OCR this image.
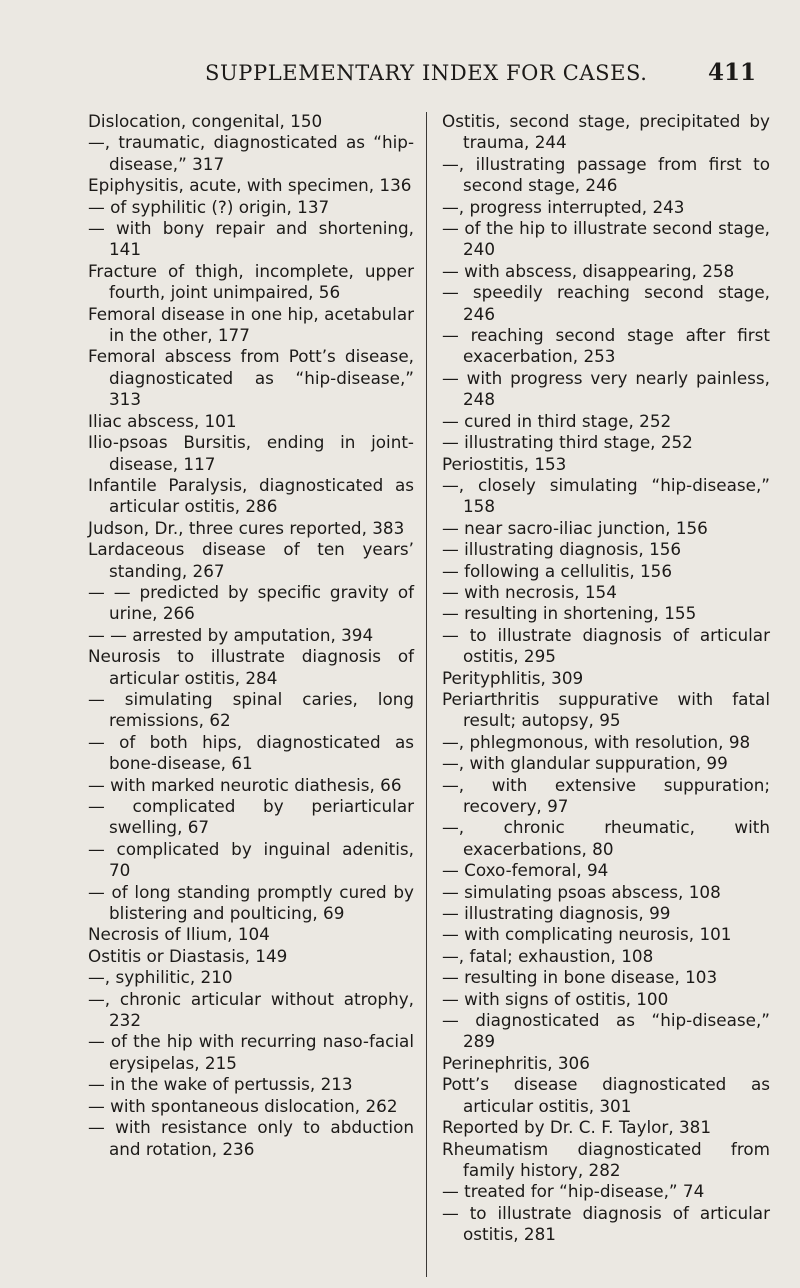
SUPPLEMENTARY INDEX FOR CASES.	411
Dislocation, congenital, 150
—, traumatic, diagnosticated as “hip-disease,” 317
Epiphysitis, acute, with specimen, 136
— of syphilitic (?) origin, 137
— with bony repair and shortening, 141
Fracture of thigh, incomplete, upper fourth, joint unimpaired, 56
Femoral disease in one hip, acetabular in the other, 177
Femoral abscess from Pott’s disease, diagnosticated as “hip-disease,” 313
Iliac abscess, 101
Ilio-psoas Bursitis, ending in joint-disease, 117
Infantile Paralysis, diagnosticated as articular ostitis, 286
Judson, Dr., three cures reported, 383
Lardaceous disease of ten years’ standing, 267
— — predicted by specific gravity of urine, 266
— — arrested by amputation, 394
Neurosis to illustrate diagnosis of articular ostitis, 284
— simulating spinal caries, long remissions, 62
— of both hips, diagnosticated as bone-disease, 61
— with marked neurotic diathesis, 66
— complicated by periarticular swelling, 67
— complicated by inguinal adenitis, 70
— of long standing promptly cured by blistering and poulticing, 69
Necrosis of Ilium, 104
Ostitis or Diastasis, 149
—, syphilitic, 210
—, chronic articular without atrophy, 232
— of the hip with recurring naso-facial erysipelas, 215
— in the wake of pertussis, 213
— with spontaneous dislocation, 262
— with resistance only to abduction and rotation, 236
Ostitis, second stage, precipitated by trauma, 244
—, illustrating passage from first to second stage, 246
—, progress interrupted, 243
— of the hip to illustrate second stage, 240
— with abscess, disappearing, 258
— speedily reaching second stage, 246
— reaching second stage after first exacerbation, 253
— with progress very nearly painless, 248
— cured in third stage, 252
— illustrating third stage, 252
Periostitis, 153
—, closely simulating “hip-disease,” 158
— near sacro-iliac junction, 156
— illustrating diagnosis, 156
— following a cellulitis, 156
— with necrosis, 154
— resulting in shortening, 155
— to illustrate diagnosis of articular ostitis, 295
Perityphlitis, 309
Periarthritis suppurative with fatal result; autopsy, 95
—, phlegmonous, with resolution, 98
—, with glandular suppuration, 99
—, with extensive suppuration; recovery, 97
—, chronic rheumatic, with exacerbations, 80
— Coxo-femoral, 94
— simulating psoas abscess, 108
— illustrating diagnosis, 99
— with complicating neurosis, 101
—, fatal; exhaustion, 108
— resulting in bone disease, 103
— with signs of ostitis, 100
— diagnosticated as “hip-disease,” 289
Perinephritis, 306
Pott’s disease diagnosticated as articular ostitis, 301
Reported by Dr. C. F. Taylor, 381
Rheumatism diagnosticated from family history, 282
— treated for “hip-disease,” 74
— to illustrate diagnosis of articular ostitis, 281
